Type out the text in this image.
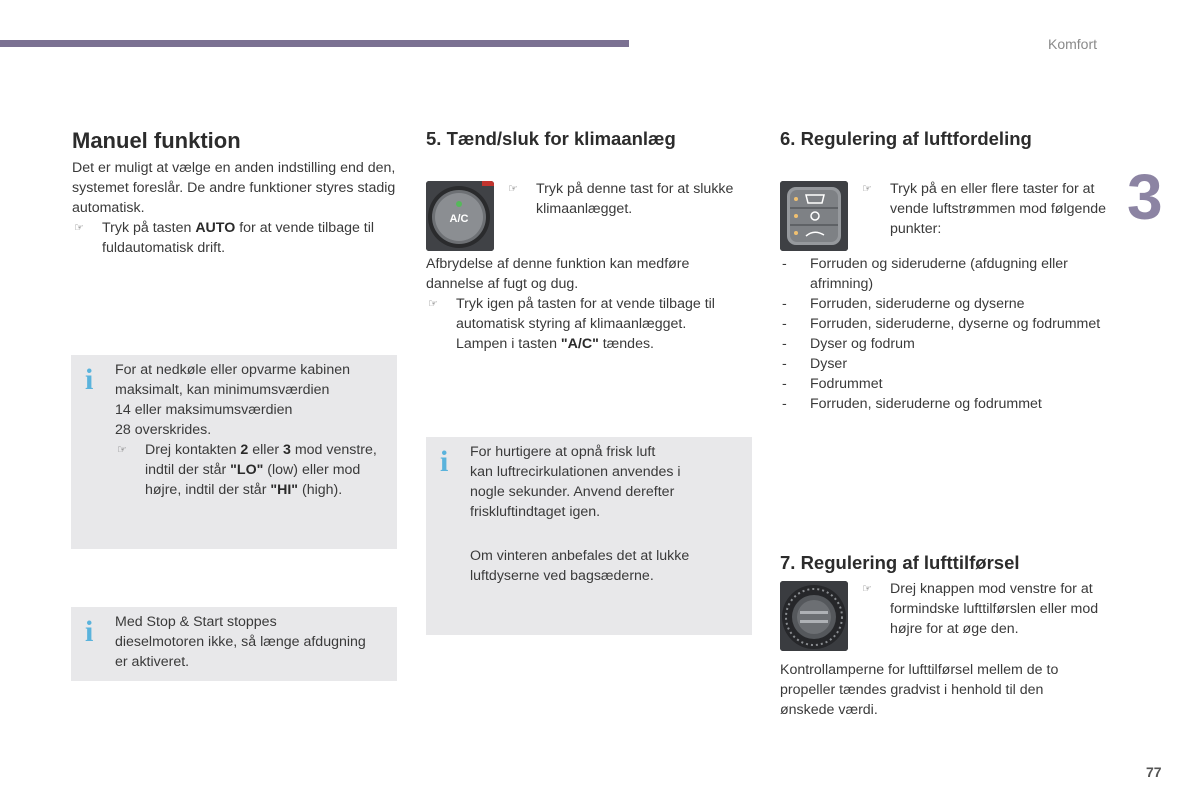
Komfort
3
77
Manuel funktion

Det er muligt at vælge en anden indstilling end den, systemet foreslår. De andre funktioner styres stadig automatisk.

☞	Tryk på tasten AUTO for at vende tilbage til fuldautomatisk drift.
i For at nedkøle eller opvarme kabinen

maksimalt, kan minimumsværdien

14 eller maksimumsværdien

28 overskrides.

☞	Drej kontakten 2 eller 3 mod venstre, indtil der står "LO" (low) eller mod højre, indtil der står "HI" (high).
i Med Stop & Start stoppes

dieselmotoren ikke, så længe afdugning

er aktiveret.

5. Tænd/sluk for klimaanlæg
A/C
☞	Tryk på denne tast for at slukke klimaanlægget.

Afbrydelse af denne funktion kan medføre dannelse af fugt og dug.

☞	Tryk igen på tasten for at vende tilbage til automatisk styring af klimaanlægget. Lampen i tasten "A/C" tændes.
i For hurtigere at opnå frisk luft

kan luftrecirkulationen anvendes i

nogle sekunder. Anvend derefter

friskluftindtaget igen.

Om vinteren anbefales det at lukke

luftdyserne ved bagsæderne.

6. Regulering af luftfordeling
☞	Tryk på en eller flere taster for at vende luftstrømmen mod følgende punkter:
-	Forruden og sideruderne (afdugning eller afrimning)
-	Forruden, sideruderne og dyserne
-	Forruden, sideruderne, dyserne og fodrummet
-	Dyser og fodrum
-	Dyser
-	Fodrummet
-	Forruden, sideruderne og fodrummet
7. Regulering af lufttilførsel
☞	Drej knappen mod venstre for at formindske lufttilførslen eller mod højre for at øge den.
Kontrollamperne for lufttilførsel mellem de to propeller tændes gradvist i henhold til den ønskede værdi.
